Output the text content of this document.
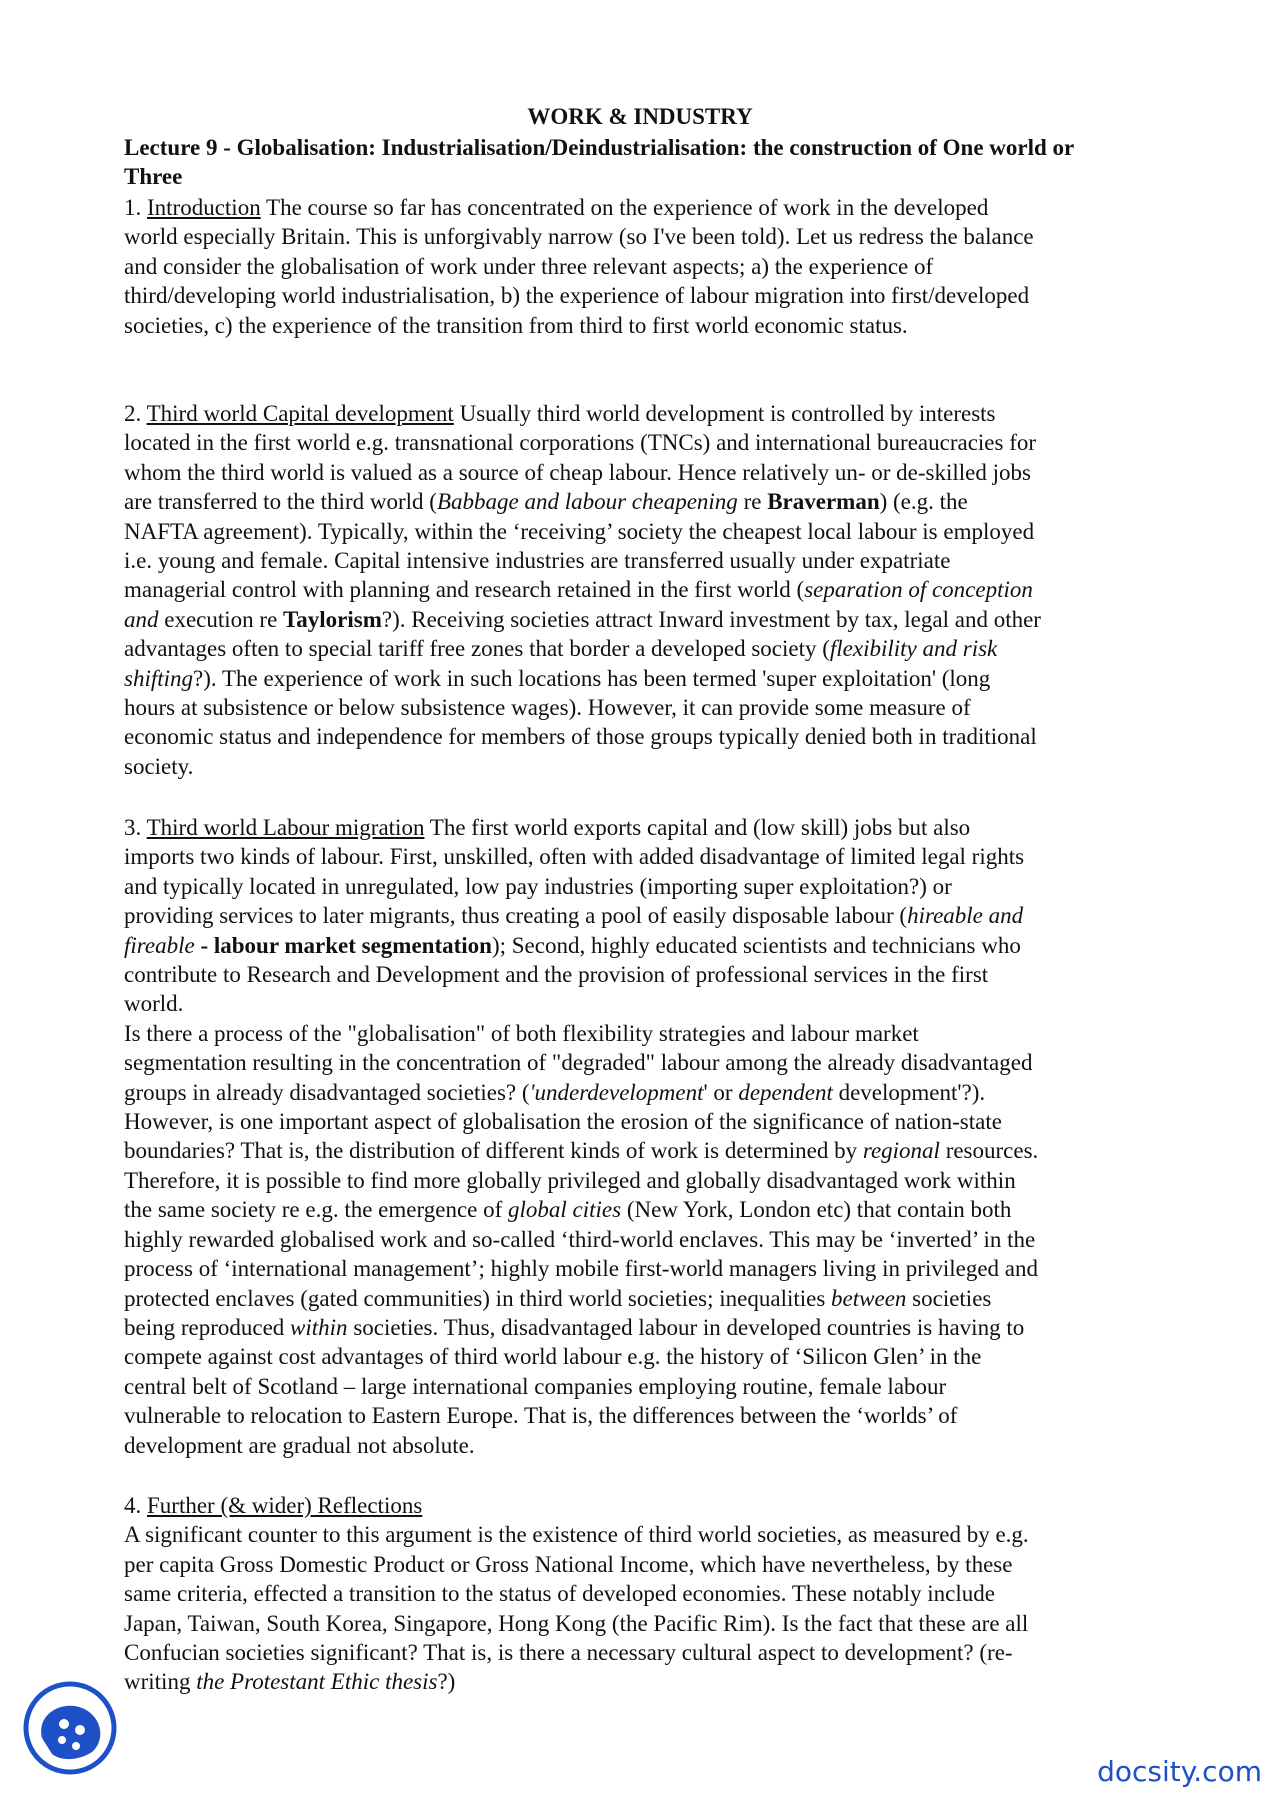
WORK & INDUSTRY
Lecture 9 - Globalisation: Industrialisation/Deindustrialisation: the construction of One world or Three

1. Introduction The course so far has concentrated on the experience of work in the developed
world especially Britain. This is unforgivably narrow (so I've been told). Let us redress the balance
and consider the globalisation of work under three relevant aspects; a) the experience of
third/developing world industrialisation, b) the experience of labour migration into first/developed
societies, c) the experience of the transition from third to first world economic status.

2. Third world Capital development Usually third world development is controlled by interests
located in the first world e.g. transnational corporations (TNCs) and international bureaucracies for
whom the third world is valued as a source of cheap labour. Hence relatively un- or de-skilled jobs
are transferred to the third world (Babbage and labour cheapening re Braverman) (e.g. the
NAFTA agreement). Typically, within the ‘receiving’ society the cheapest local labour is employed
i.e. young and female. Capital intensive industries are transferred usually under expatriate
managerial control with planning and research retained in the first world (separation of conception
and execution re Taylorism?). Receiving societies attract Inward investment by tax, legal and other
advantages often to special tariff free zones that border a developed society (flexibility and risk
shifting?). The experience of work in such locations has been termed 'super exploitation' (long
hours at subsistence or below subsistence wages). However, it can provide some measure of
economic status and independence for members of those groups typically denied both in traditional
society.

3. Third world Labour migration The first world exports capital and (low skill) jobs but also
imports two kinds of labour. First, unskilled, often with added disadvantage of limited legal rights
and typically located in unregulated, low pay industries (importing super exploitation?) or
providing services to later migrants, thus creating a pool of easily disposable labour (hireable and
fireable - labour market segmentation); Second, highly educated scientists and technicians who
contribute to Research and Development and the provision of professional services in the first
world.
Is there a process of the "globalisation" of both flexibility strategies and labour market
segmentation resulting in the concentration of "degraded" labour among the already disadvantaged
groups in already disadvantaged societies? ('underdevelopment' or dependent development'?).
However, is one important aspect of globalisation the erosion of the significance of nation-state
boundaries? That is, the distribution of different kinds of work is determined by regional resources.
Therefore, it is possible to find more globally privileged and globally disadvantaged work within
the same society re e.g. the emergence of global cities (New York, London etc) that contain both
highly rewarded globalised work and so-called ‘third-world enclaves. This may be ‘inverted’ in the
process of ‘international management’; highly mobile first-world managers living in privileged and
protected enclaves (gated communities) in third world societies; inequalities between societies
being reproduced within societies. Thus, disadvantaged labour in developed countries is having to
compete against cost advantages of third world labour e.g. the history of ‘Silicon Glen’ in the
central belt of Scotland – large international companies employing routine, female labour
vulnerable to relocation to Eastern Europe. That is, the differences between the ‘worlds’ of
development are gradual not absolute.

4. Further (& wider) Reflections
A significant counter to this argument is the existence of third world societies, as measured by e.g.
per capita Gross Domestic Product or Gross National Income, which have nevertheless, by these
same criteria, effected a transition to the status of developed economies. These notably include
Japan, Taiwan, South Korea, Singapore, Hong Kong (the Pacific Rim). Is the fact that these are all
Confucian societies significant? That is, is there a necessary cultural aspect to development? (re-
writing the Protestant Ethic thesis?)

docsity.com
